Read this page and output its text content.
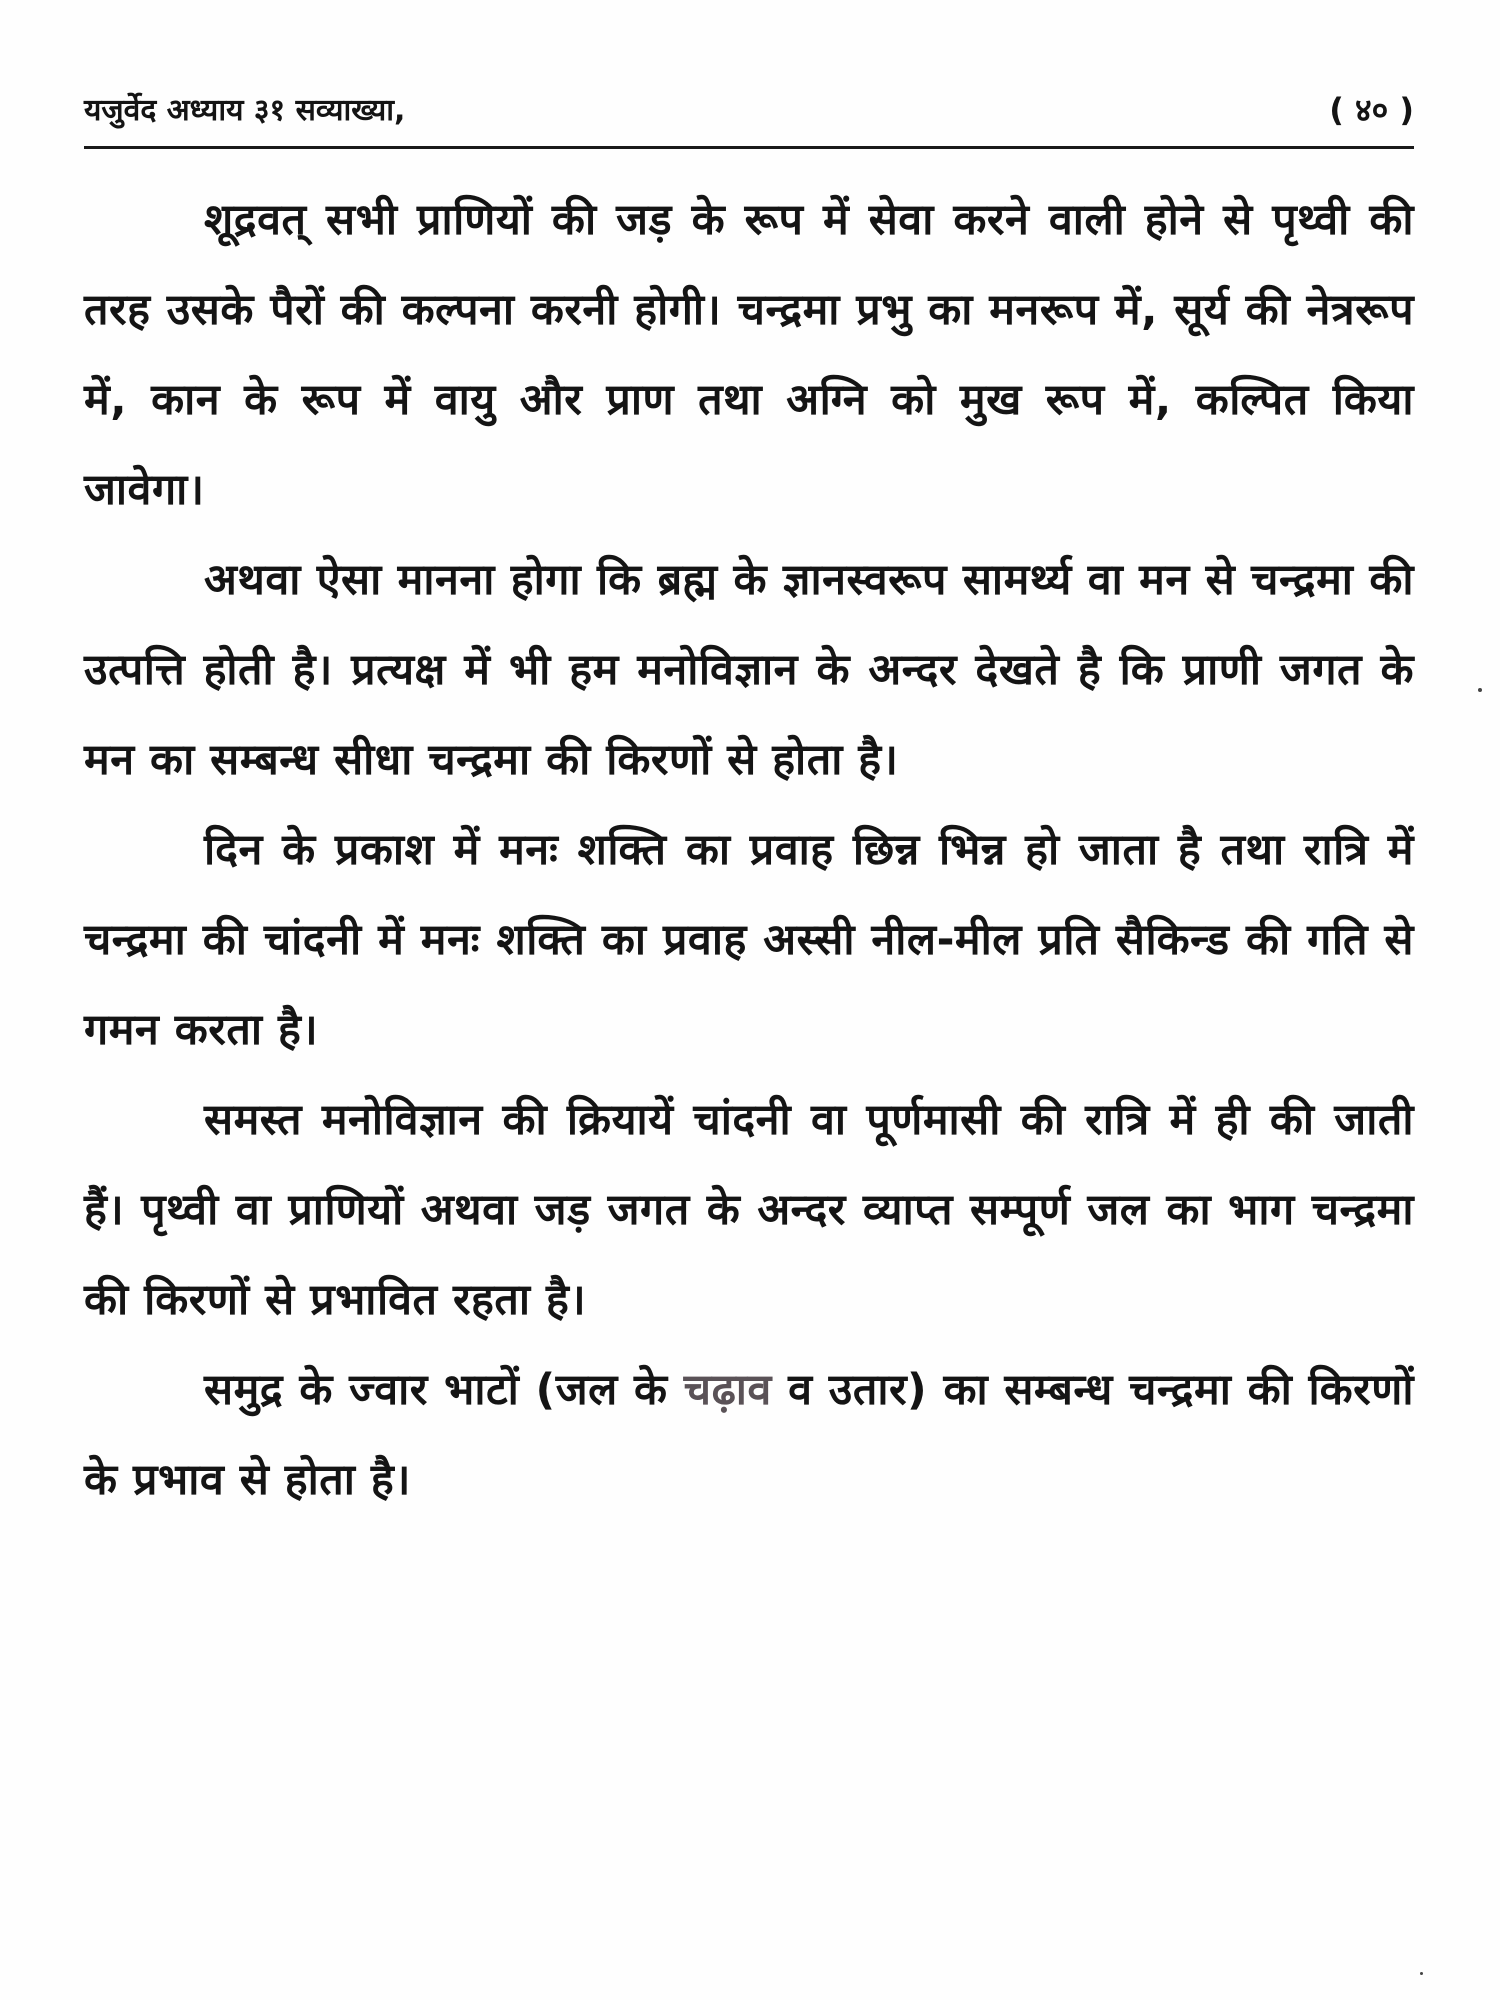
यजुर्वेद अध्याय ३१ सव्याख्या,	( ४० )

शूद्रवत् सभी प्राणियों की जड़ के रूप में सेवा करने वाली होने से पृथ्वी की तरह उसके पैरों की कल्पना करनी होगी। चन्द्रमा प्रभु का मनरूप में, सूर्य की नेत्ररूप में, कान के रूप में वायु और प्राण तथा अग्नि को मुख रूप में, कल्पित किया जावेगा।

अथवा ऐसा मानना होगा कि ब्रह्म के ज्ञानस्वरूप सामर्थ्य वा मन से चन्द्रमा की उत्पत्ति होती है। प्रत्यक्ष में भी हम मनोविज्ञान के अन्दर देखते है कि प्राणी जगत के मन का सम्बन्ध सीधा चन्द्रमा की किरणों से होता है।

दिन के प्रकाश में मनः शक्ति का प्रवाह छिन्न भिन्न हो जाता है तथा रात्रि में चन्द्रमा की चांदनी में मनः शक्ति का प्रवाह अस्सी नील-मील प्रति सैकिन्ड की गति से गमन करता है।

समस्त मनोविज्ञान की क्रियायें चांदनी वा पूर्णमासी की रात्रि में ही की जाती हैं। पृथ्वी वा प्राणियों अथवा जड़ जगत के अन्दर व्याप्त सम्पूर्ण जल का भाग चन्द्रमा की किरणों से प्रभावित रहता है।

समुद्र के ज्वार भाटों (जल के चढ़ाव व उतार) का सम्बन्ध चन्द्रमा की किरणों के प्रभाव से होता है।
